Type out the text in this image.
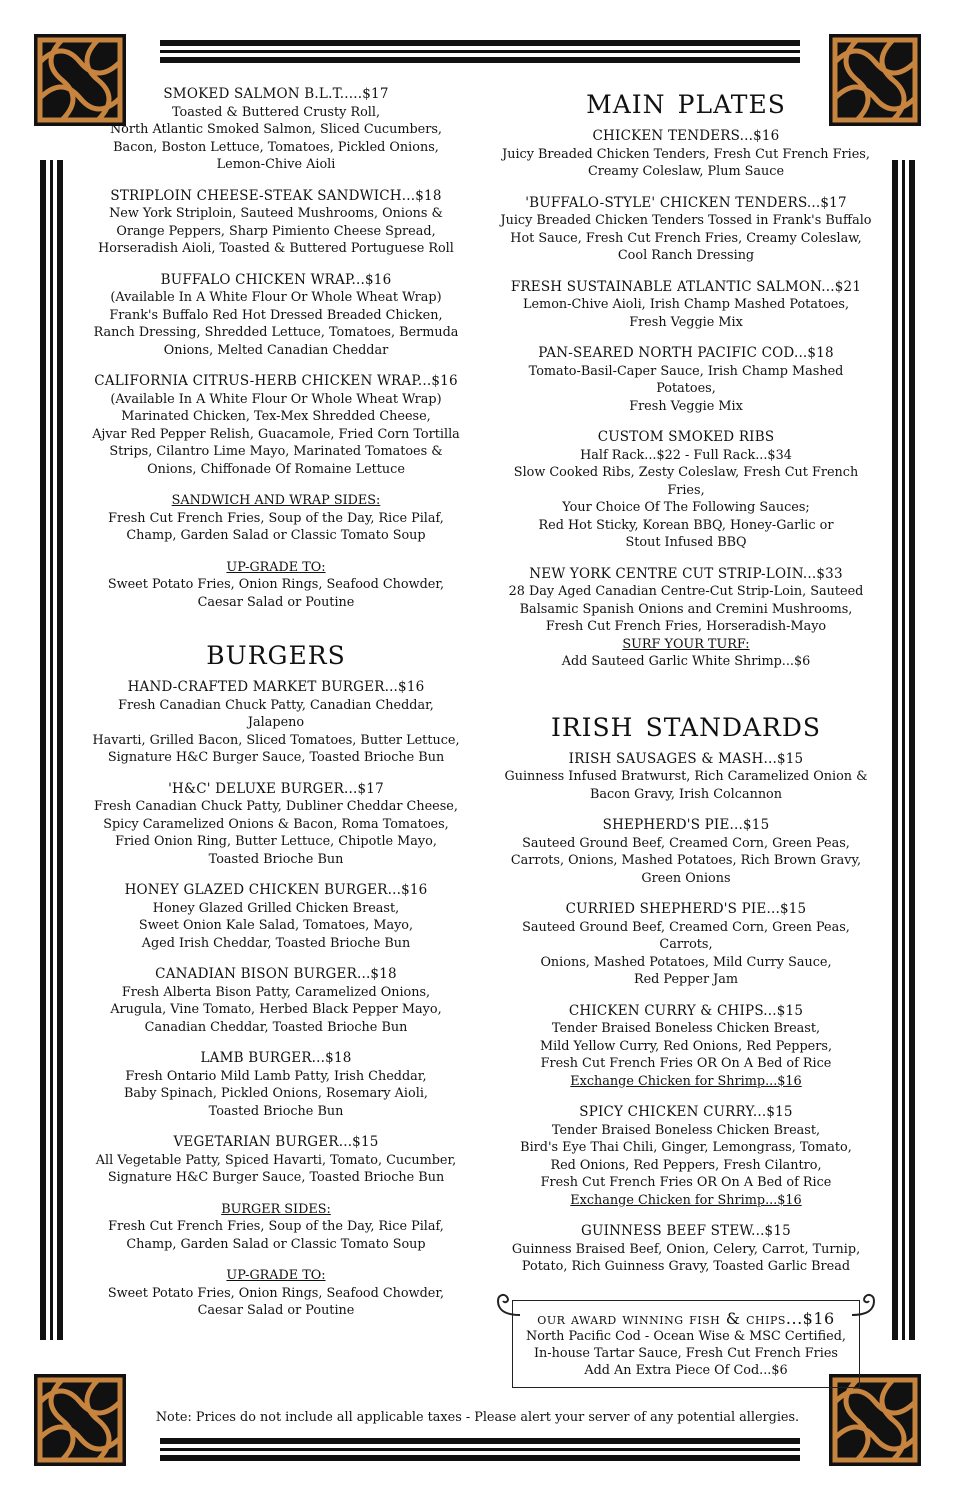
SMOKED SALMON B.L.T.....$17
Toasted & Buttered Crusty Roll,
North Atlantic Smoked Salmon, Sliced Cucumbers,
Bacon, Boston Lettuce, Tomatoes, Pickled Onions,
Lemon-Chive Aioli
STRIPLOIN CHEESE-STEAK SANDWICH...$18
New York Striploin, Sauteed Mushrooms, Onions &
Orange Peppers, Sharp Pimiento Cheese Spread,
Horseradish Aioli, Toasted & Buttered Portuguese Roll
BUFFALO CHICKEN WRAP...$16
(Available In A White Flour Or Whole Wheat Wrap)
Frank's Buffalo Red Hot Dressed Breaded Chicken,
Ranch Dressing, Shredded Lettuce, Tomatoes, Bermuda
Onions, Melted Canadian Cheddar
CALIFORNIA CITRUS-HERB CHICKEN WRAP...$16
(Available In A White Flour Or Whole Wheat Wrap)
Marinated Chicken, Tex-Mex Shredded Cheese,
Ajvar Red Pepper Relish, Guacamole, Fried Corn Tortilla
Strips, Cilantro Lime Mayo, Marinated Tomatoes &
Onions, Chiffonade Of Romaine Lettuce
SANDWICH AND WRAP SIDES:
Fresh Cut French Fries, Soup of the Day, Rice Pilaf,
Champ, Garden Salad or Classic Tomato Soup
UP-GRADE TO:
Sweet Potato Fries, Onion Rings, Seafood Chowder,
Caesar Salad or Poutine
burgers
HAND-CRAFTED MARKET BURGER...$16
Fresh Canadian Chuck Patty, Canadian Cheddar, Jalapeno
Havarti, Grilled Bacon, Sliced Tomatoes, Butter Lettuce,
Signature H&C Burger Sauce, Toasted Brioche Bun
'H&C' DELUXE BURGER...$17
Fresh Canadian Chuck Patty, Dubliner Cheddar Cheese,
Spicy Caramelized Onions & Bacon, Roma Tomatoes,
Fried Onion Ring, Butter Lettuce, Chipotle Mayo,
Toasted Brioche Bun
HONEY GLAZED CHICKEN BURGER...$16
Honey Glazed Grilled Chicken Breast,
Sweet Onion Kale Salad, Tomatoes, Mayo,
Aged Irish Cheddar, Toasted Brioche Bun
CANADIAN BISON BURGER...$18
Fresh Alberta Bison Patty, Caramelized Onions,
Arugula, Vine Tomato, Herbed Black Pepper Mayo,
Canadian Cheddar, Toasted Brioche Bun
LAMB BURGER...$18
Fresh Ontario Mild Lamb Patty, Irish Cheddar,
Baby Spinach, Pickled Onions, Rosemary Aioli,
Toasted Brioche Bun
VEGETARIAN BURGER...$15
All Vegetable Patty, Spiced Havarti, Tomato, Cucumber,
Signature H&C Burger Sauce, Toasted Brioche Bun
BURGER SIDES:
Fresh Cut French Fries, Soup of the Day, Rice Pilaf,
Champ, Garden Salad or Classic Tomato Soup
UP-GRADE TO:
Sweet Potato Fries, Onion Rings, Seafood Chowder,
Caesar Salad or Poutine
main plates
CHICKEN TENDERS...$16
Juicy Breaded Chicken Tenders, Fresh Cut French Fries,
Creamy Coleslaw, Plum Sauce
'BUFFALO-STYLE' CHICKEN TENDERS...$17
Juicy Breaded Chicken Tenders Tossed in Frank's Buffalo
Hot Sauce, Fresh Cut French Fries, Creamy Coleslaw,
Cool Ranch Dressing
FRESH SUSTAINABLE ATLANTIC SALMON...$21
Lemon-Chive Aioli, Irish Champ Mashed Potatoes,
Fresh Veggie Mix
PAN-SEARED NORTH PACIFIC COD...$18
Tomato-Basil-Caper Sauce, Irish Champ Mashed Potatoes,
Fresh Veggie Mix
CUSTOM SMOKED RIBS
Half Rack...$22 - Full Rack...$34
Slow Cooked Ribs, Zesty Coleslaw, Fresh Cut French Fries,
Your Choice Of The Following Sauces;
Red Hot Sticky, Korean BBQ, Honey-Garlic or
Stout Infused BBQ
NEW YORK CENTRE CUT STRIP-LOIN...$33
28 Day Aged Canadian Centre-Cut Strip-Loin, Sauteed
Balsamic Spanish Onions and Cremini Mushrooms,
Fresh Cut French Fries, Horseradish-Mayo
SURF YOUR TURF:
Add Sauteed Garlic White Shrimp...$6
irish standards
IRISH SAUSAGES & MASH...$15
Guinness Infused Bratwurst, Rich Caramelized Onion &
Bacon Gravy, Irish Colcannon
SHEPHERD'S PIE...$15
Sauteed Ground Beef, Creamed Corn, Green Peas,
Carrots, Onions, Mashed Potatoes, Rich Brown Gravy,
Green Onions
CURRIED SHEPHERD'S PIE...$15
Sauteed Ground Beef, Creamed Corn, Green Peas, Carrots,
Onions, Mashed Potatoes, Mild Curry Sauce,
Red Pepper Jam
CHICKEN CURRY & CHIPS...$15
Tender Braised Boneless Chicken Breast,
Mild Yellow Curry, Red Onions, Red Peppers,
Fresh Cut French Fries OR On A Bed of Rice
Exchange Chicken for Shrimp...$16
SPICY CHICKEN CURRY...$15
Tender Braised Boneless Chicken Breast,
Bird's Eye Thai Chili, Ginger, Lemongrass, Tomato,
Red Onions, Red Peppers, Fresh Cilantro,
Fresh Cut French Fries OR On A Bed of Rice
Exchange Chicken for Shrimp...$16
GUINNESS BEEF STEW...$15
Guinness Braised Beef, Onion, Celery, Carrot, Turnip,
Potato, Rich Guinness Gravy, Toasted Garlic Bread
our award winning fish & chips...$16
North Pacific Cod - Ocean Wise & MSC Certified,
In-house Tartar Sauce, Fresh Cut French Fries
Add An Extra Piece Of Cod...$6
Note: Prices do not include all applicable taxes - Please alert your server of any potential allergies.
